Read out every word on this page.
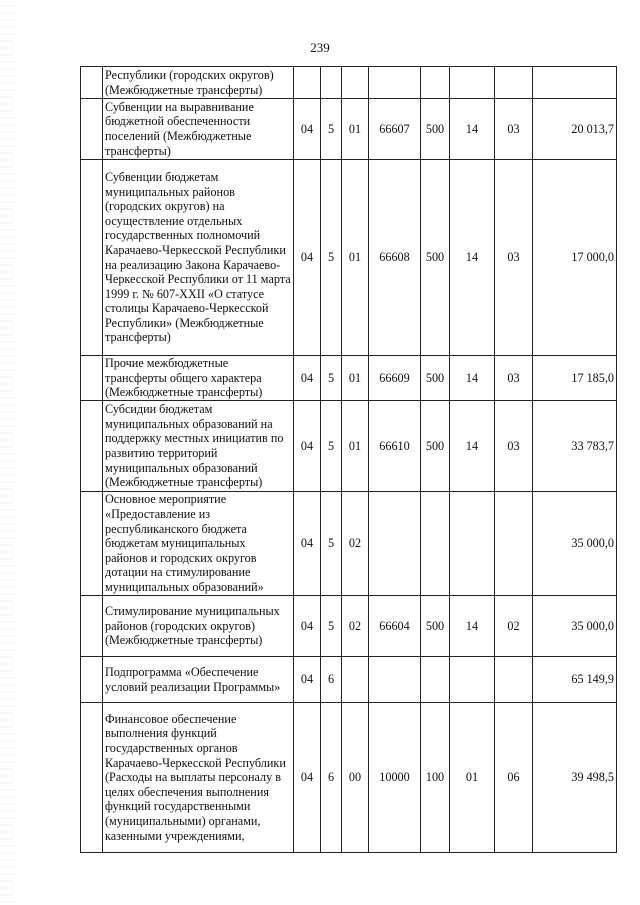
239
	Республики (городских округов) (Межбюджетные трансферты)								
	Субвенции на выравнивание бюджетной обеспеченности поселений (Межбюджетные трансферты)	04	5	01	66607	500	14	03	20 013,7
	Субвенции бюджетам муниципальных районов (городских округов) на осуществление отдельных государственных полномочий Карачаево-Черкесской Республики на реализацию Закона Карачаево-Черкесской Республики от 11 марта 1999 г. № 607-XXII «О статусе столицы Карачаево-Черкесской Республики» (Межбюджетные трансферты)	04	5	01	66608	500	14	03	17 000,0
	Прочие межбюджетные трансферты общего характера (Межбюджетные трансферты)	04	5	01	66609	500	14	03	17 185,0
	Субсидии бюджетам муниципальных образований на поддержку местных инициатив по развитию территорий муниципальных образований (Межбюджетные трансферты)	04	5	01	66610	500	14	03	33 783,7
	Основное мероприятие «Предоставление из республиканского бюджета бюджетам муниципальных районов и городских округов дотации на стимулирование муниципальных образований»	04	5	02					35 000,0
	Стимулирование муниципальных районов (городских округов) (Межбюджетные трансферты)	04	5	02	66604	500	14	02	35 000,0
	Подпрограмма «Обеспечение условий реализации Программы»	04	6						65 149,9
	Финансовое обеспечение выполнения функций государственных органов Карачаево-Черкесской Республики (Расходы на выплаты персоналу в целях обеспечения выполнения функций государственными (муниципальными) органами, казенными учреждениями,	04	6	00	10000	100	01	06	39 498,5
